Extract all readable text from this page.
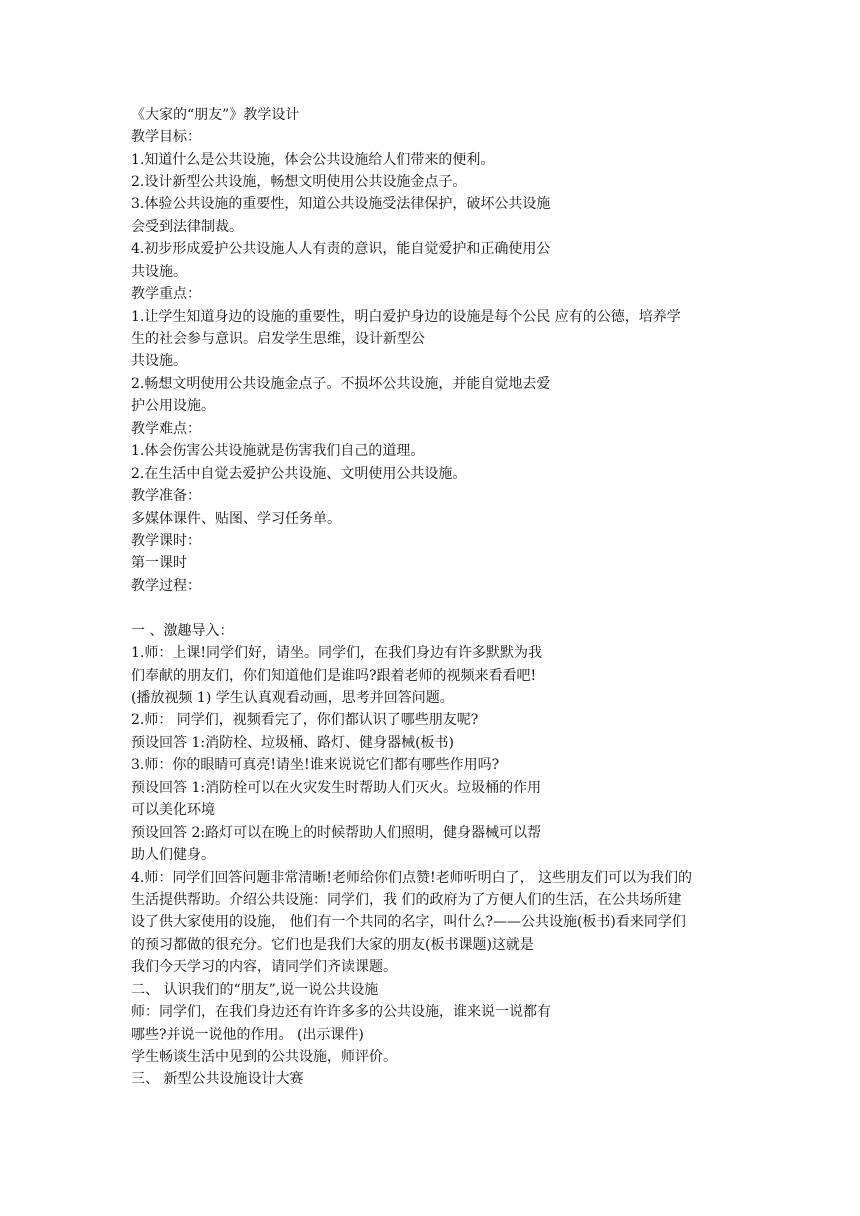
《大家的“朋友”》教学设计

教学目标：

1.知道什么是公共设施，体会公共设施给人们带来的便利。

2.设计新型公共设施，畅想文明使用公共设施金点子。

3.体验公共设施的重要性，知道公共设施受法律保护，破坏公共设施

会受到法律制裁。

4.初步形成爱护公共设施人人有责的意识，能自觉爱护和正确使用公

共设施。

教学重点：

1.让学生知道身边的设施的重要性，明白爱护身边的设施是每个公民 应有的公德，培养学

生的社会参与意识。启发学生思维，设计新型公

共设施。

2.畅想文明使用公共设施金点子。不损坏公共设施，并能自觉地去爱

护公用设施。

教学难点：

1.体会伤害公共设施就是伤害我们自己的道理。

2.在生活中自觉去爱护公共设施、文明使用公共设施。

教学准备：

多媒体课件、贴图、学习任务单。

教学课时：

第一课时

教学过程：

一 、激趣导入：

1.师：上课!同学们好，请坐。同学们，在我们身边有许多默默为我

们奉献的朋友们，你们知道他们是谁吗?跟着老师的视频来看看吧!

(播放视频 1) 学生认真观看动画，思考并回答问题。

2.师： 同学们，视频看完了，你们都认识了哪些朋友呢?

预设回答 1:消防栓、垃圾桶、路灯、健身器械(板书)

3.师：你的眼睛可真亮!请坐!谁来说说它们都有哪些作用吗?

预设回答 1:消防栓可以在火灾发生时帮助人们灭火。垃圾桶的作用

可以美化环境

预设回答 2:路灯可以在晚上的时候帮助人们照明，健身器械可以帮

助人们健身。

4.师：同学们回答问题非常清晰!老师给你们点赞!老师听明白了， 这些朋友们可以为我们的

生活提供帮助。介绍公共设施：同学们，我 们的政府为了方便人们的生活，在公共场所建

设了供大家使用的设施， 他们有一个共同的名字，叫什么?——公共设施(板书)看来同学们

的预习都做的很充分。它们也是我们大家的朋友(板书课题)这就是

我们今天学习的内容，请同学们齐读课题。

二、 认识我们的“朋友”,说一说公共设施

师：同学们，在我们身边还有许许多多的公共设施，谁来说一说都有

哪些?并说一说他的作用。 (出示课件)

学生畅谈生活中见到的公共设施，师评价。

三、 新型公共设施设计大赛
